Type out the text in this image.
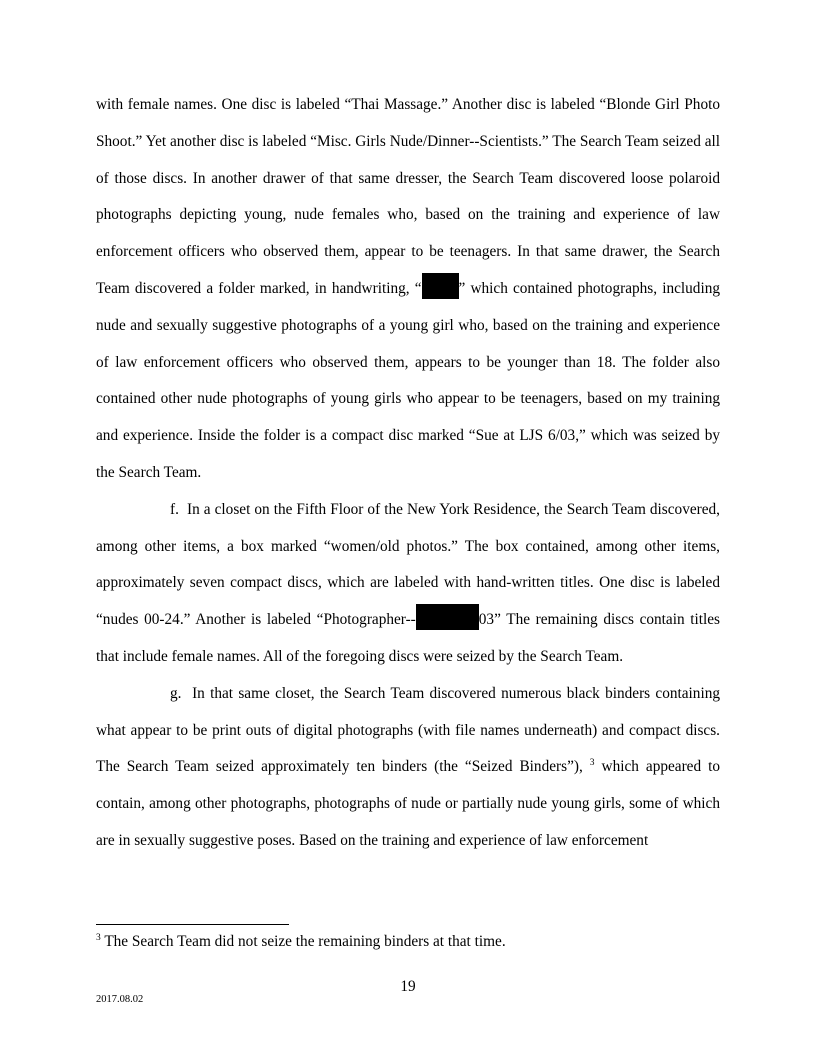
with female names. One disc is labeled “Thai Massage.” Another disc is labeled “Blonde Girl Photo Shoot.” Yet another disc is labeled “Misc. Girls Nude/Dinner--Scientists.” The Search Team seized all of those discs. In another drawer of that same dresser, the Search Team discovered loose polaroid photographs depicting young, nude females who, based on the training and experience of law enforcement officers who observed them, appear to be teenagers. In that same drawer, the Search Team discovered a folder marked, in handwriting, “ ” which contained photographs, including nude and sexually suggestive photographs of a young girl who, based on the training and experience of law enforcement officers who observed them, appears to be younger than 18. The folder also contained other nude photographs of young girls who appear to be teenagers, based on my training and experience. Inside the folder is a compact disc marked “Sue at LJS 6/03,” which was seized by the Search Team.

f. In a closet on the Fifth Floor of the New York Residence, the Search Team discovered, among other items, a box marked “women/old photos.” The box contained, among other items, approximately seven compact discs, which are labeled with hand-written titles. One disc is labeled “nudes 00-24.” Another is labeled “Photographer--	03” The remaining discs contain titles that include female names. All of the foregoing discs were seized by the Search Team.

g. In that same closet, the Search Team discovered numerous black binders containing what appear to be print outs of digital photographs (with file names underneath) and compact discs. The Search Team seized approximately ten binders (the “Seized Binders”), $^3$ which appeared to contain, among other photographs, photographs of nude or partially nude young girls, some of which are in sexually suggestive poses. Based on the training and experience of law enforcement

$^3$ The Search Team did not seize the remaining binders at that time.

19
2017.08.02
